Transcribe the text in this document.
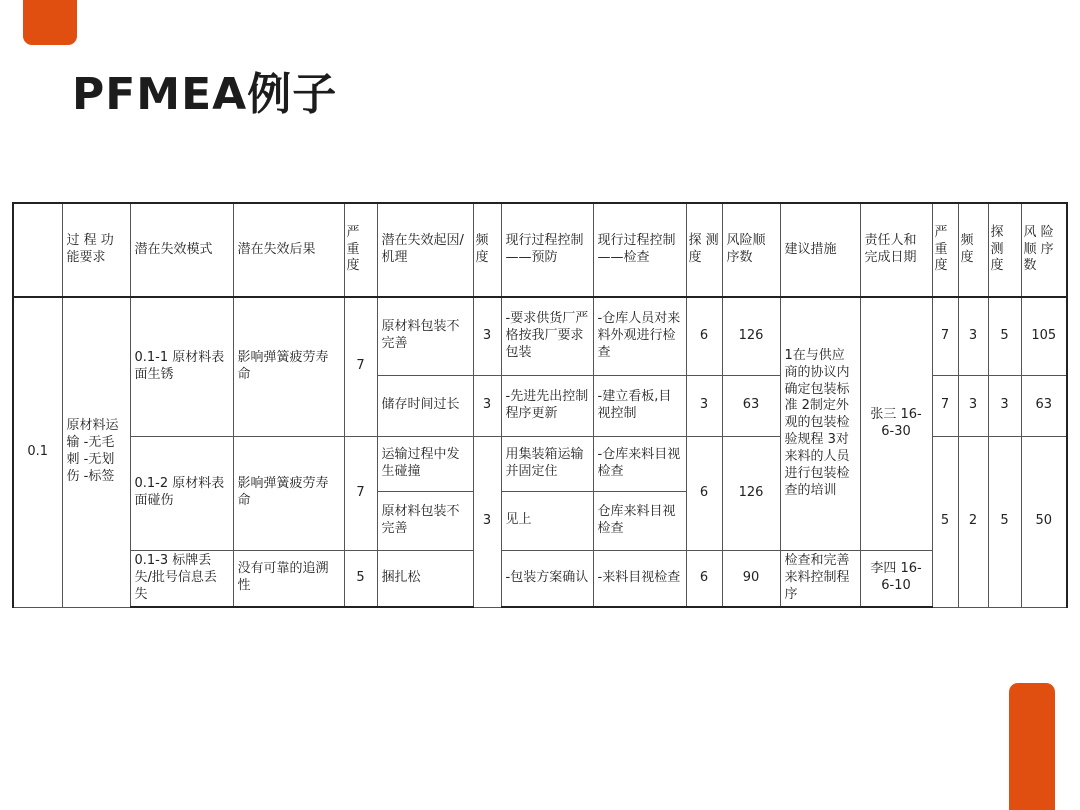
PFMEA例子
	过 程 功 能要求	潜在失效模式	潜在失效后果	严 重 度	潜在失效起因/机理	频 度	现行过程控制——预防	现行过程控制——检查	探 测 度	风险顺序数	建议措施	责任人和完成日期	严 重 度	频 度	探 测 度	风 险 顺 序 数
0.1	原材料运输 -无毛刺 -无划伤 -标签	0.1-1 原材料表面生锈	影响弹簧疲劳寿命	7	原材料包装不完善	3	-要求供货厂严格按我厂要求包装	-仓库人员对来料外观进行检查	6	126	1在与供应商的协议内确定包装标准 2制定外观的包装检验规程 3对来料的人员进行包装检查的培训	张三 16-6-30	7	3	5	105
					储存时间过长	3	-先进先出控制程序更新	-建立看板,目视控制	3	63			7	3	3	63
		0.1-2 原材料表面碰伤	影响弹簧疲劳寿命	7	运输过程中发生碰撞	3	用集装箱运输并固定住	-仓库来料目视检查	6	126			5	2	5	50
					原材料包装不完善		见上	仓库来料目视检查								
		0.1-3 标牌丢失/批号信息丢失	没有可靠的追溯性	5	捆扎松		-包装方案确认	-来料目视检查	6	90	检查和完善来料控制程序	李四 16-6-10				
